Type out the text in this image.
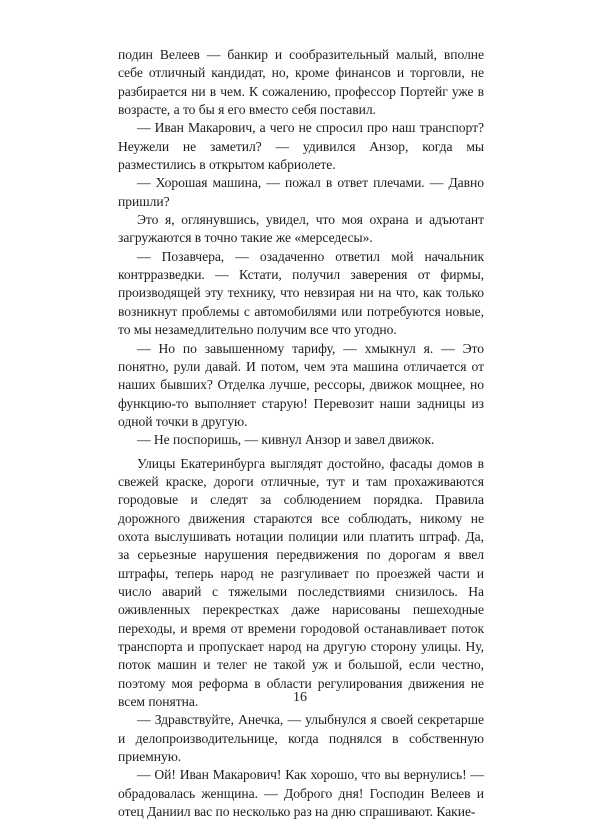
подин Велеев — банкир и сообразительный малый, вполне себе отличный кандидат, но, кроме финансов и торговли, не разбирается ни в чем. К сожалению, профессор Портейг уже в возрасте, а то бы я его вместо себя поставил.

— Иван Макарович, а чего не спросил про наш транспорт? Неужели не заметил? — удивился Анзор, когда мы разместились в открытом кабриолете.

— Хорошая машина, — пожал в ответ плечами. — Давно пришли?

Это я, оглянувшись, увидел, что моя охрана и адъютант загружаются в точно такие же «мерседесы».

— Позавчера, — озадаченно ответил мой начальник контрразведки. — Кстати, получил заверения от фирмы, производящей эту технику, что невзирая ни на что, как только возникнут проблемы с автомобилями или потребуются новые, то мы незамедлительно получим все что угодно.

— Но по завышенному тарифу, — хмыкнул я. — Это понятно, рули давай. И потом, чем эта машина отличается от наших бывших? Отделка лучше, рессоры, движок мощнее, но функцию-то выполняет старую! Перевозит наши задницы из одной точки в другую.

— Не поспоришь, — кивнул Анзор и завел движок.

Улицы Екатеринбурга выглядят достойно, фасады домов в свежей краске, дороги отличные, тут и там прохаживаются городовые и следят за соблюдением порядка. Правила дорожного движения стараются все соблюдать, никому не охота выслушивать нотации полиции или платить штраф. Да, за серьезные нарушения передвижения по дорогам я ввел штрафы, теперь народ не разгуливает по проезжей части и число аварий с тяжелыми последствиями снизилось. На оживленных перекрестках даже нарисованы пешеходные переходы, и время от времени городовой останавливает поток транспорта и пропускает народ на другую сторону улицы. Ну, поток машин и телег не такой уж и большой, если честно, поэтому моя реформа в области регулирования движения не всем понятна.

— Здравствуйте, Анечка, — улыбнулся я своей секретарше и делопроизводительнице, когда поднялся в собственную приемную.

— Ой! Иван Макарович! Как хорошо, что вы вернулись! — обрадовалась женщина. — Доброго дня! Господин Велеев и отец Даниил вас по несколько раз на дню спрашивают. Какие-

16
